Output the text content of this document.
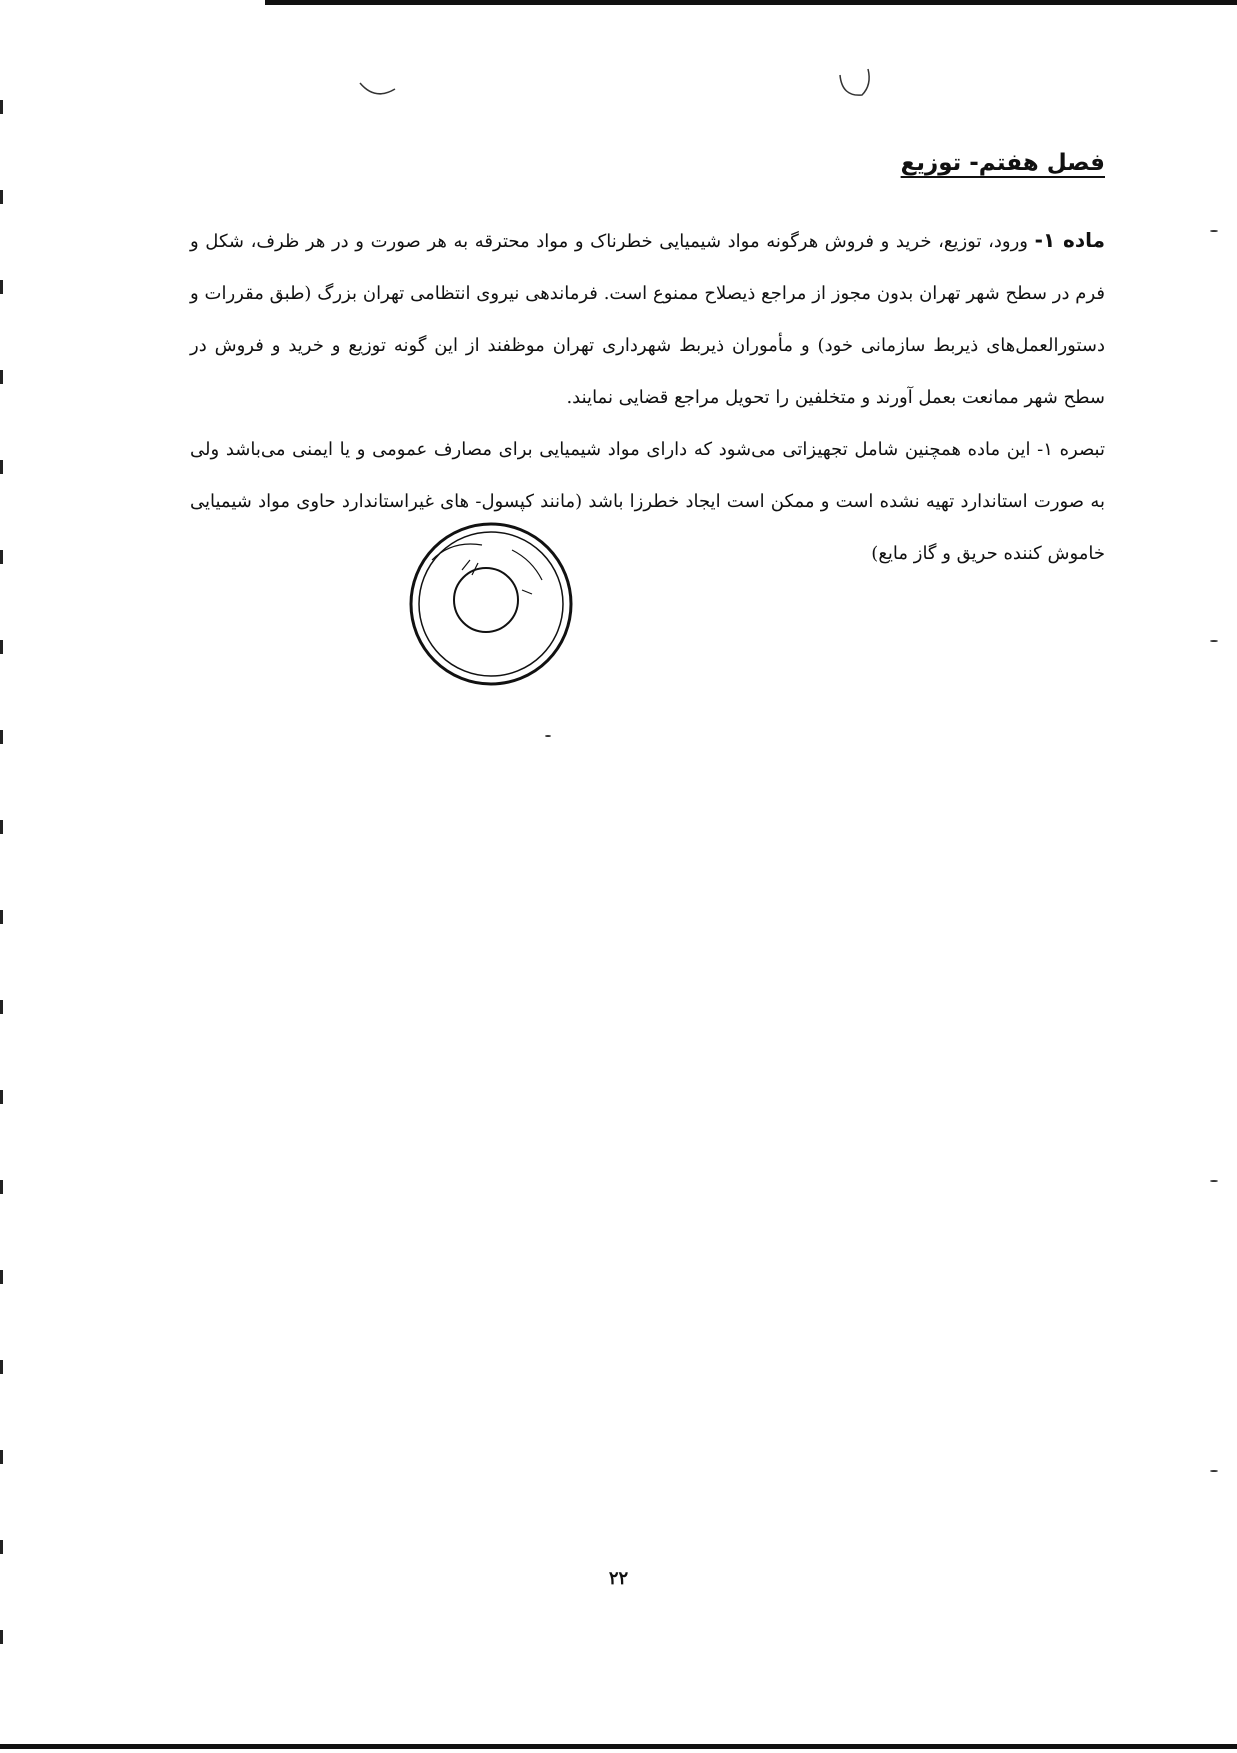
فصل هفتم- توزیع

ماده ۱- ورود، توزیع، خرید و فروش هرگونه مواد شیمیایی خطرناک و مواد محترقه به هر صورت و در هر ظرف، شکل و فرم در سطح شهر تهران بدون مجوز از مراجع ذیصلاح ممنوع است. فرماندهی نیروی انتظامی تهران بزرگ (طبق مقررات و دستورالعمل‌های ذیربط سازمانی خود) و مأموران ذیربط شهرداری تهران موظفند از این گونه توزیع و خرید و فروش در سطح شهر ممانعت بعمل آورند و متخلفین را تحویل مراجع قضایی نمایند.

تبصره ۱- این ماده همچنین شامل تجهیزاتی می‌شود که دارای مواد شیمیایی برای مصارف عمومی و یا ایمنی می‌باشد ولی به صورت استاندارد تهیه نشده است و ممکن است ایجاد خطرزا باشد (مانند کپسول- های غیراستاندارد حاوی مواد شیمیایی خاموش کننده حریق و گاز مایع)

۲۲
